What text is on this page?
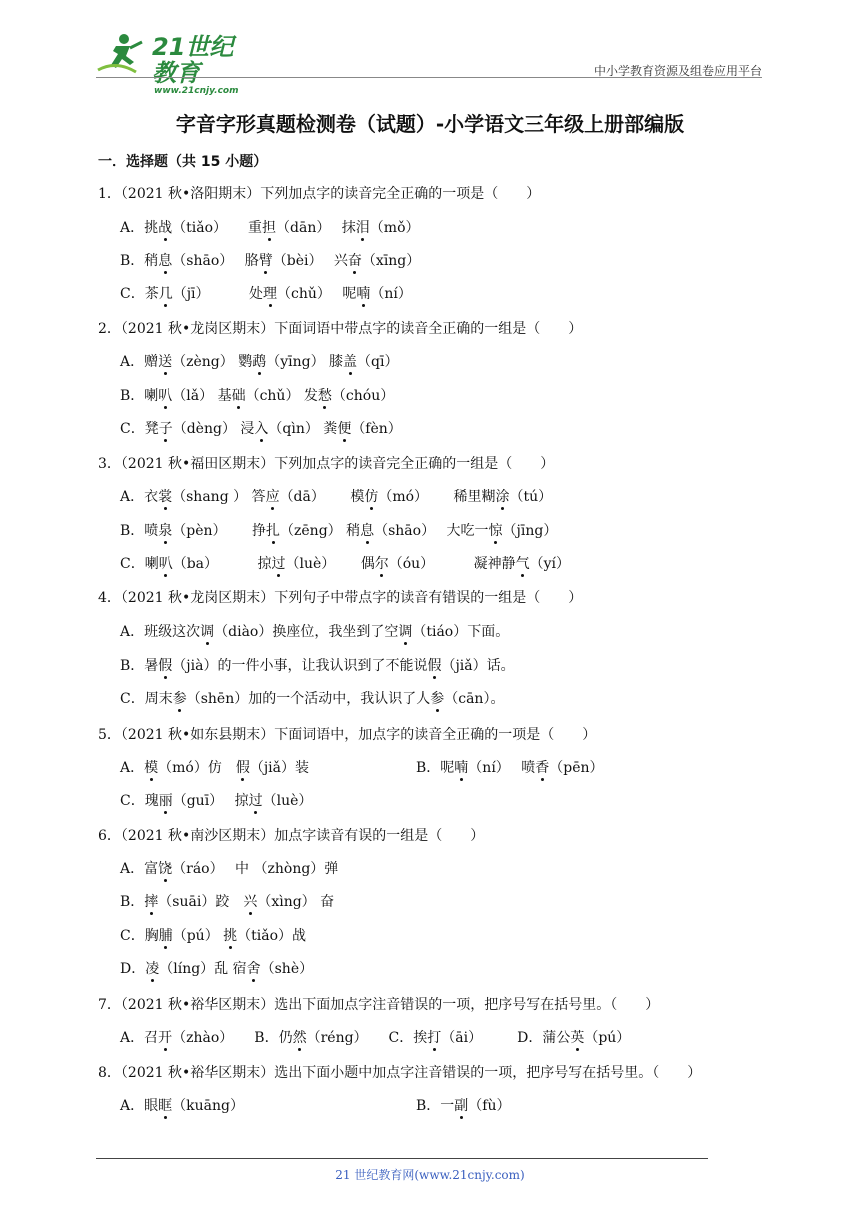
21世纪教育
www.21cnjy.com
中小学教育资源及组卷应用平台
字音字形真题检测卷（试题）-小学语文三年级上册部编版
一．选择题（共 15 小题）
1．（2021 秋•洛阳期末）下列加点字的读音完全正确的一项是（　　）
A．挑战（tiǎo）　　重担（dān）　 抹泪（mǒ）
B．稍息（shāo）　 胳臂（bèi）　 兴奋（xīng）
C．茶几（jī）　　　 处理（chǔ）　 呢喃（ní）
2．（2021 秋•龙岗区期末）下面词语中带点字的读音全正确的一组是（　　）
A．赠送（zèng） 鹦鹉（yīng） 膝盖（qī）
B．喇叭（lǎ） 基础（chǔ） 发愁（chóu）
C．凳子（dèng） 浸入（qìn） 粪便（fèn）
3．（2021 秋•福田区期末）下列加点字的读音完全正确的一组是（　　）
A．衣裳（shang ） 答应（dā）　　 模仿（mó）　　 稀里糊涂（tú）
B．喷泉（pèn）　　 挣扎（zēng） 稍息（shāo）　 大吃一惊（jīng）
C．喇叭（ba）　　　 掠过（luè）　　 偶尔（óu）　　　 凝神静气（yí）
4．（2021 秋•龙岗区期末）下列句子中带点字的读音有错误的一组是（　　）
A．班级这次调（diào）换座位，我坐到了空调（tiáo）下面。
B．暑假（jià）的一件小事，让我认识到了不能说假（jiǎ）话。
C．周末参（shēn）加的一个活动中，我认识了人参（cān）。
5．（2021 秋•如东县期末）下面词语中，加点字的读音全正确的一项是（　　）
A．模（mó）仿　假（jiǎ）装	B．呢喃（ní）　 喷香（pēn）
C．瑰丽（guī）　 掠过（luè）
6．（2021 秋•南沙区期末）加点字读音有误的一组是（　　）
A．富饶（ráo）　 中 （zhòng）弹
B．摔（suāi）跤　兴（xìng） 奋
C．胸脯（pú） 挑（tiǎo）战
D．凌（líng）乱 宿舍（shè）
7．（2021 秋•裕华区期末）选出下面加点字注音错误的一项，把序号写在括号里。（　　）
A．召开（zhào）　　B．仍然（réng）　　C．挨打（āi）　　　D．蒲公英（pú）
8．（2021 秋•裕华区期末）选出下面小题中加点字注音错误的一项，把序号写在括号里。（　　）
A．眼眶（kuāng）	B．一副（fù）
21 世纪教育网(www.21cnjy.com)
